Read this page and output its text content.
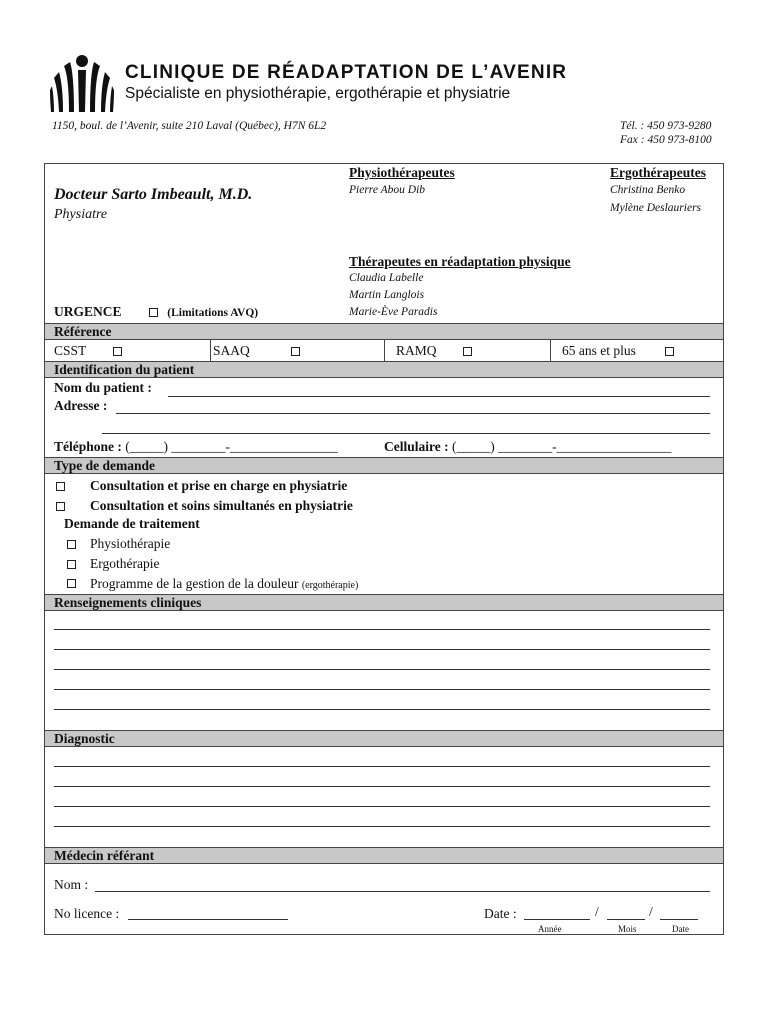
CLINIQUE DE RÉADAPTATION DE L’AVENIR
Spécialiste en physiothérapie, ergothérapie et physiatrie
1150, boul. de l’Avenir, suite 210 Laval (Québec), H7N 6L2	Tél. : 450 973-9280
Fax : 450 973-8100
Docteur Sarto Imbeault, M.D.
Physiatre
Physiothérapeutes
Pierre Abou Dib
Ergothérapeutes
Christina Benko
Mylène Deslauriers
Thérapeutes en réadaptation physique
Claudia Labelle
Martin Langlois
Marie-Ève Paradis
URGENCE	(Limitations AVQ)
Référence
CSST	SAAQ	RAMQ	65 ans et plus
Identification du patient
Nom du patient :
Adresse :
Téléphone : (_____) ________-________________	Cellulaire : (_____) ________-_________________
Type de demande
Consultation et prise en charge en physiatrie
Consultation et soins simultanés en physiatrie
Demande de traitement
Physiothérapie
Ergothérapie
Programme de la gestion de la douleur (ergothérapie)
Renseignements cliniques
Diagnostic
Médecin référant
Nom :
No licence :	Date :	/	/
Année	Mois	Date
